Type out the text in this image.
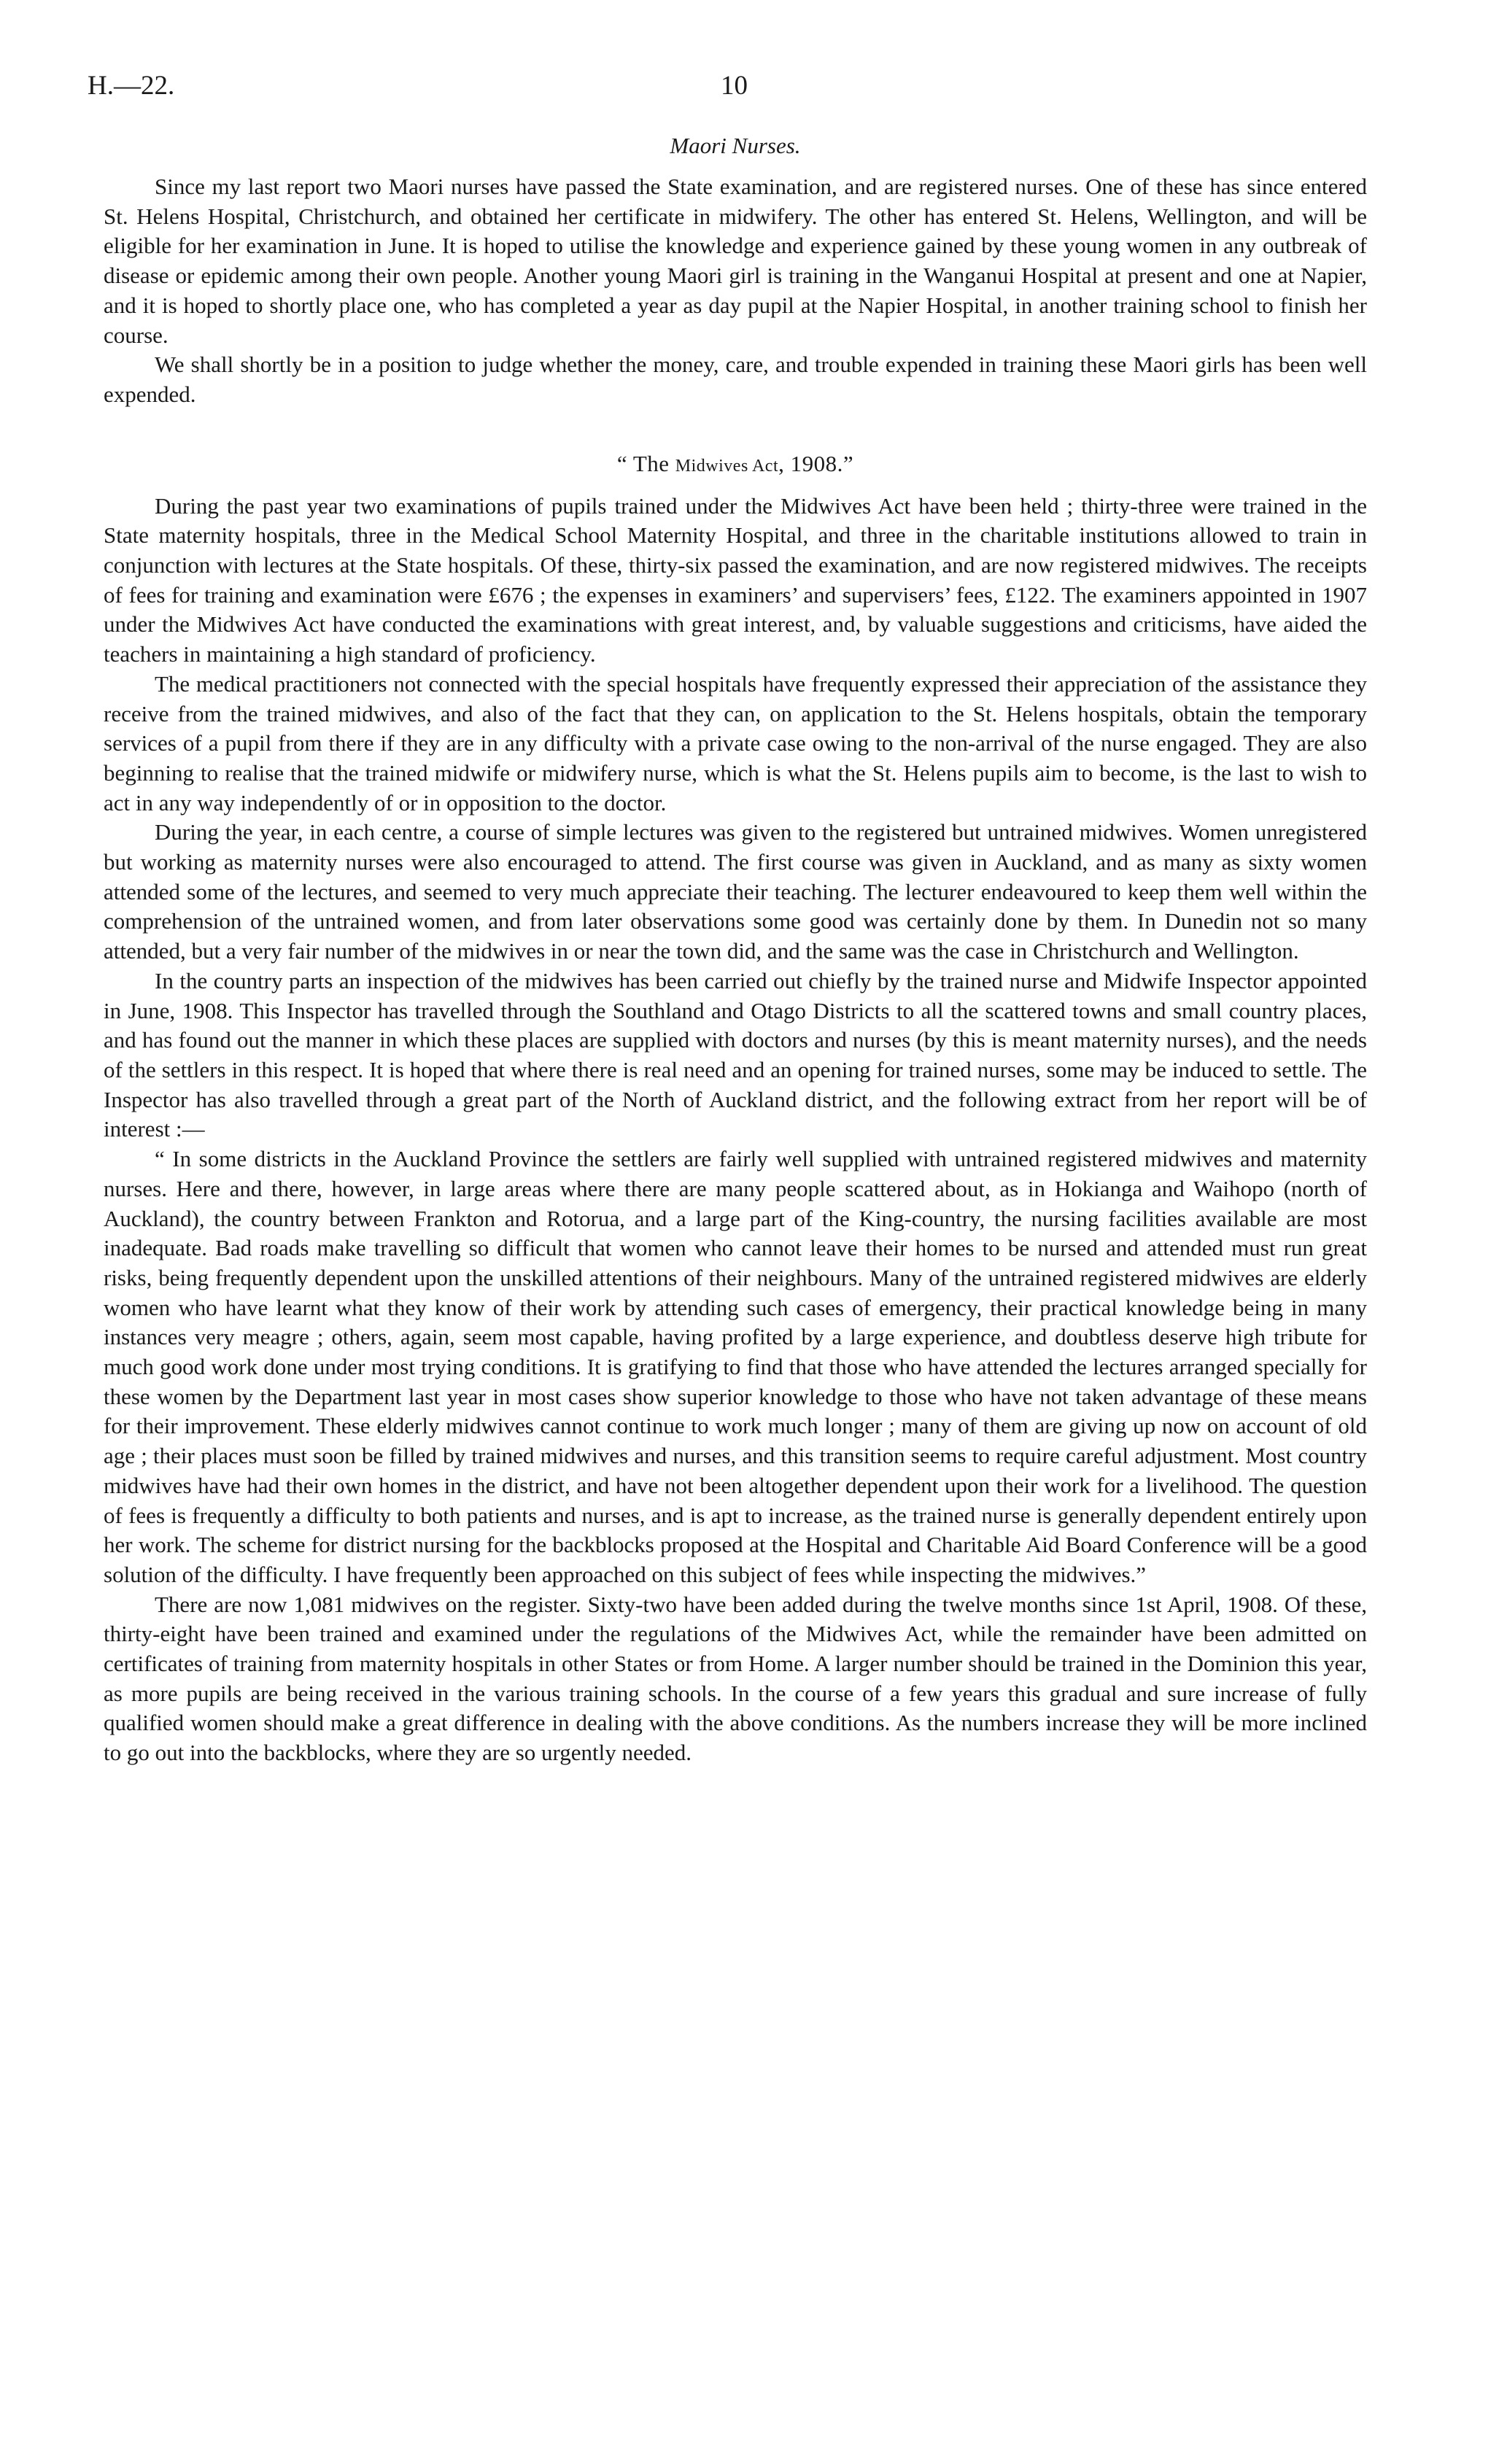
H.—22.	10
Maori Nurses.

Since my last report two Maori nurses have passed the State examination, and are registered nurses. One of these has since entered St. Helens Hospital, Christchurch, and obtained her certificate in midwifery. The other has entered St. Helens, Wellington, and will be eligible for her examination in June. It is hoped to utilise the knowledge and experience gained by these young women in any outbreak of disease or epidemic among their own people. Another young Maori girl is training in the Wanganui Hospital at present and one at Napier, and it is hoped to shortly place one, who has completed a year as day pupil at the Napier Hospital, in another training school to finish her course.

We shall shortly be in a position to judge whether the money, care, and trouble expended in training these Maori girls has been well expended.

“ The Midwives Act, 1908.”

During the past year two examinations of pupils trained under the Midwives Act have been held ; thirty-three were trained in the State maternity hospitals, three in the Medical School Maternity Hospital, and three in the charitable institutions allowed to train in conjunction with lectures at the State hospitals. Of these, thirty-six passed the examination, and are now registered midwives. The receipts of fees for training and examination were £676 ; the expenses in examiners’ and supervisers’ fees, £122. The examiners appointed in 1907 under the Midwives Act have conducted the examinations with great interest, and, by valuable suggestions and criticisms, have aided the teachers in maintaining a high standard of proficiency.

The medical practitioners not connected with the special hospitals have frequently expressed their appreciation of the assistance they receive from the trained midwives, and also of the fact that they can, on application to the St. Helens hospitals, obtain the temporary services of a pupil from there if they are in any difficulty with a private case owing to the non-arrival of the nurse engaged. They are also beginning to realise that the trained midwife or midwifery nurse, which is what the St. Helens pupils aim to become, is the last to wish to act in any way independently of or in opposition to the doctor.

During the year, in each centre, a course of simple lectures was given to the registered but untrained midwives. Women unregistered but working as maternity nurses were also encouraged to attend. The first course was given in Auckland, and as many as sixty women attended some of the lectures, and seemed to very much appreciate their teaching. The lecturer endeavoured to keep them well within the comprehension of the untrained women, and from later observations some good was certainly done by them. In Dunedin not so many attended, but a very fair number of the midwives in or near the town did, and the same was the case in Christchurch and Wellington.

In the country parts an inspection of the midwives has been carried out chiefly by the trained nurse and Midwife Inspector appointed in June, 1908. This Inspector has travelled through the Southland and Otago Districts to all the scattered towns and small country places, and has found out the manner in which these places are supplied with doctors and nurses (by this is meant maternity nurses), and the needs of the settlers in this respect. It is hoped that where there is real need and an opening for trained nurses, some may be induced to settle. The Inspector has also travelled through a great part of the North of Auckland district, and the following extract from her report will be of interest :—

“ In some districts in the Auckland Province the settlers are fairly well supplied with untrained registered midwives and maternity nurses. Here and there, however, in large areas where there are many people scattered about, as in Hokianga and Waihopo (north of Auckland), the country between Frankton and Rotorua, and a large part of the King-country, the nursing facilities available are most inadequate. Bad roads make travelling so difficult that women who cannot leave their homes to be nursed and attended must run great risks, being frequently dependent upon the unskilled attentions of their neighbours. Many of the untrained registered midwives are elderly women who have learnt what they know of their work by attending such cases of emergency, their practical knowledge being in many instances very meagre ; others, again, seem most capable, having profited by a large experience, and doubtless deserve high tribute for much good work done under most trying conditions. It is gratifying to find that those who have attended the lectures arranged specially for these women by the Department last year in most cases show superior knowledge to those who have not taken advantage of these means for their improvement. These elderly midwives cannot continue to work much longer ; many of them are giving up now on account of old age ; their places must soon be filled by trained midwives and nurses, and this transition seems to require careful adjustment. Most country midwives have had their own homes in the district, and have not been altogether dependent upon their work for a livelihood. The question of fees is frequently a difficulty to both patients and nurses, and is apt to increase, as the trained nurse is generally dependent entirely upon her work. The scheme for district nursing for the backblocks proposed at the Hospital and Charitable Aid Board Conference will be a good solution of the difficulty. I have frequently been approached on this subject of fees while inspecting the midwives.”

There are now 1,081 midwives on the register. Sixty-two have been added during the twelve months since 1st April, 1908. Of these, thirty-eight have been trained and examined under the regulations of the Midwives Act, while the remainder have been admitted on certificates of training from maternity hospitals in other States or from Home. A larger number should be trained in the Dominion this year, as more pupils are being received in the various training schools. In the course of a few years this gradual and sure increase of fully qualified women should make a great difference in dealing with the above conditions. As the numbers increase they will be more inclined to go out into the backblocks, where they are so urgently needed.
